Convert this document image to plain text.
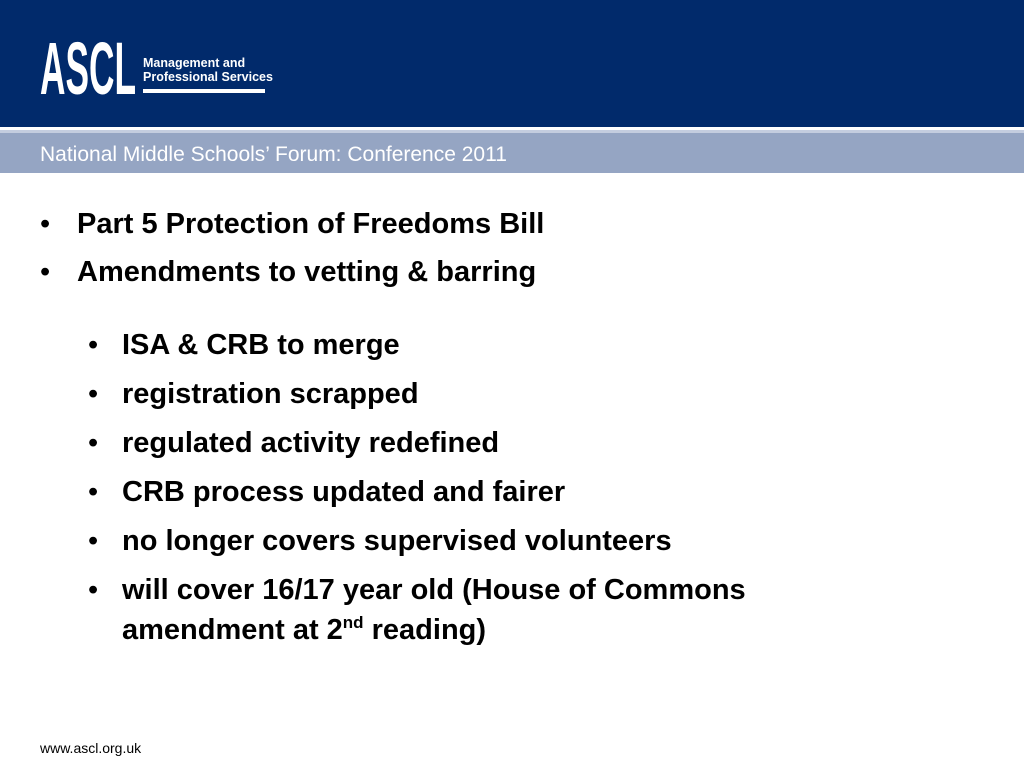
ASCL Management and
Professional Services
National Middle Schools’ Forum: Conference 2011
• Part 5 Protection of Freedoms Bill
• Amendments to vetting & barring
• ISA & CRB to merge
• registration scrapped
• regulated activity redefined
• CRB process updated and fairer
• no longer covers supervised volunteers
• will cover 16/17 year old (House of Commons amendment at 2nd reading)
www.ascl.org.uk
